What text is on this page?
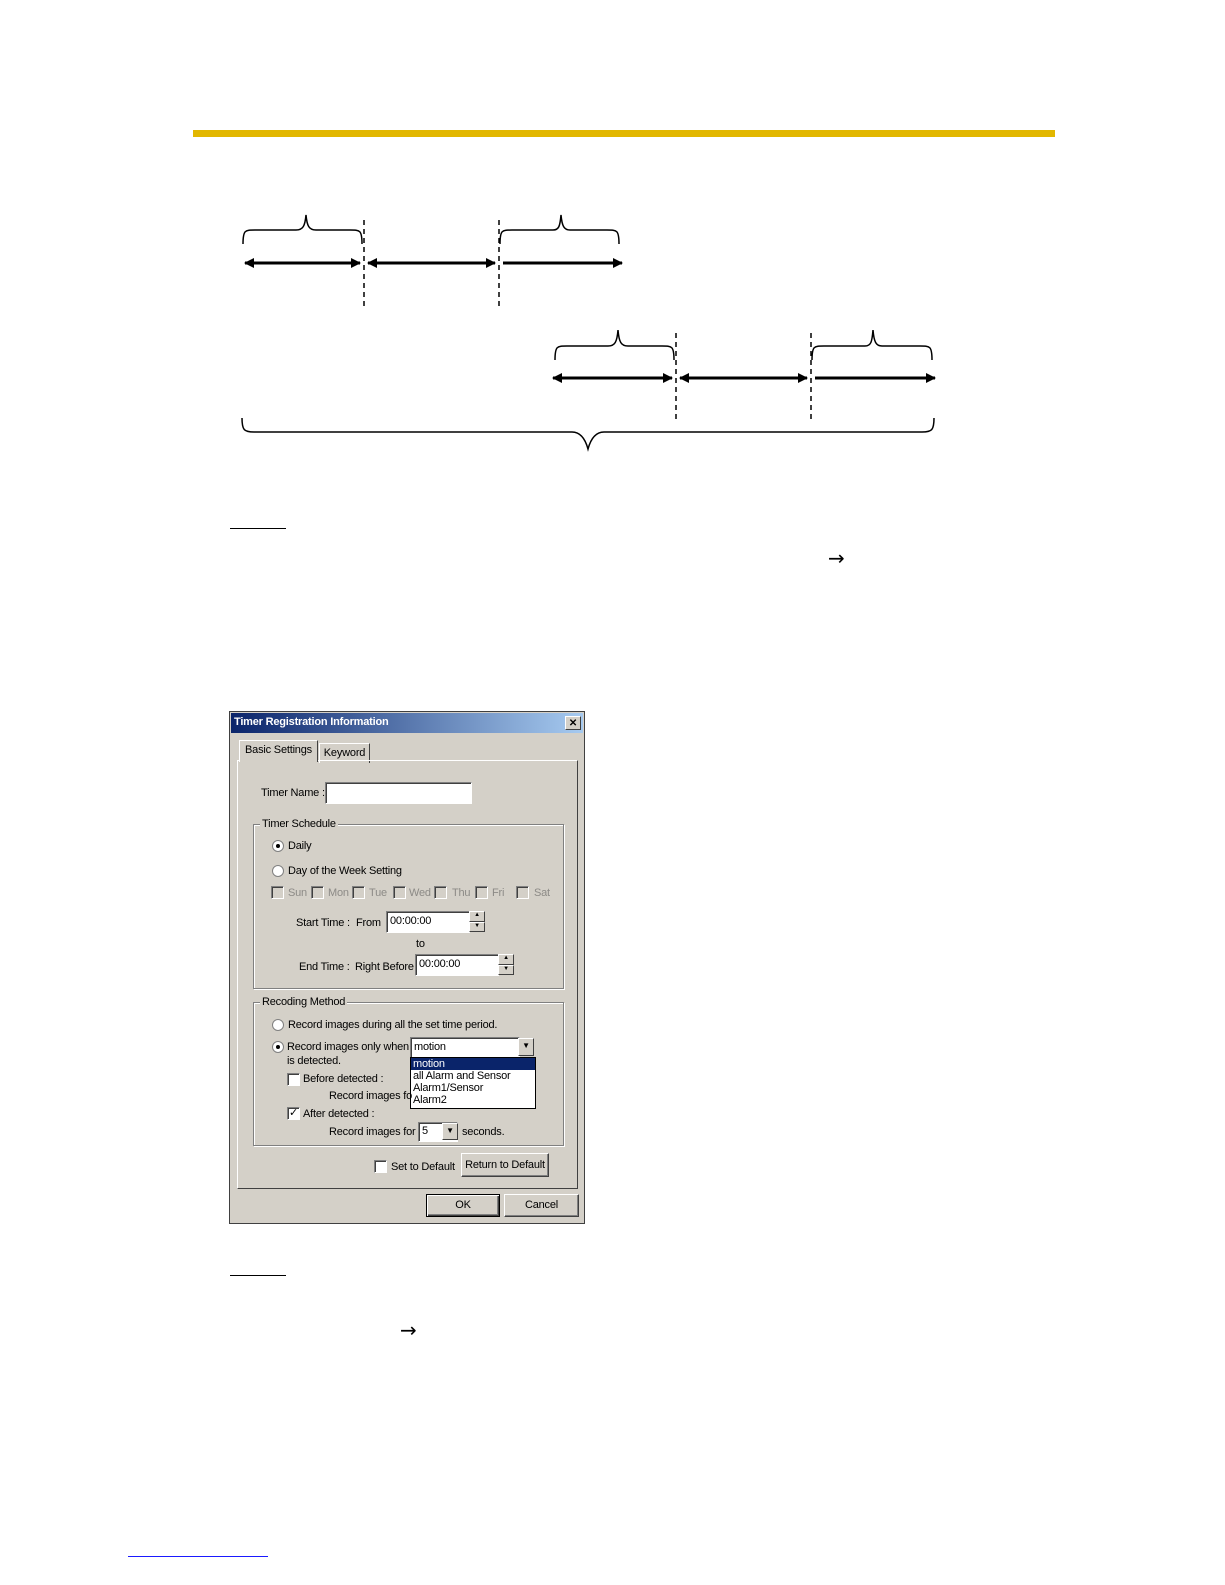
→
→
Timer Registration Information	✕
Basic Settings	Keyword
Timer Name :
Timer Schedule
Daily
Day of the Week Setting
Sun Mon Tue Wed Thu Fri	Sat
Start Time : From 00:00:00	▲
▼
to
End Time : Right Before 00:00:00	▲
▼
Recoding Method
Record images during all the set time period.
Record images only when
is detected.
motion	▼
motion
all Alarm and Sensor
Alarm1/Sensor
Alarm2
Before detected :
Record images fo
✓ After detected :
Record images for 5	▼ seconds.
Set to Default Return to Default
OK	Cancel
